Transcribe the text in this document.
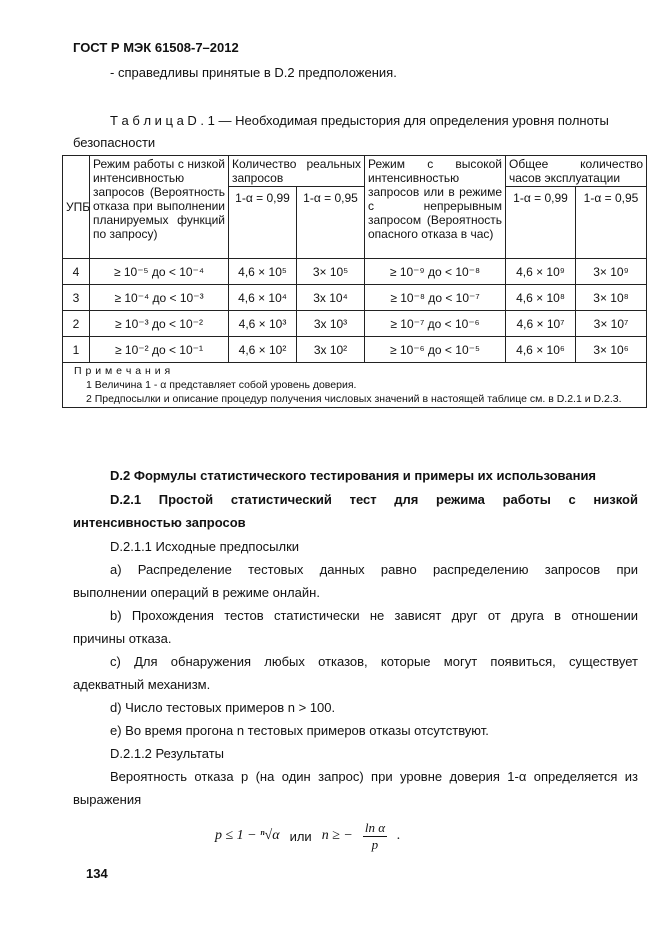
ГОСТ Р МЭК 61508-7–2012
- справедливы принятые в D.2 предположения.
Т а б л и ц а D . 1 — Необходимая предыстория для определения уровня полноты
безопасности
УПБ	Режим работы с низкой интенсивностью запросов (Вероятность отказа при выполнении планируемых функций по запросу)	Количество реальных запросов		Режим с высокой интенсивностью запросов или в режиме с непрерывным запросом (Вероятность опасного отказа в час)	Общее количество часов эксплуатации	
		1-α = 0,99	1-α = 0,95		1-α = 0,99	1-α = 0,95
4	≥ 10⁻⁵ до < 10⁻⁴	4,6 × 10⁵	3× 10⁵	≥ 10⁻⁹ до < 10⁻⁸	4,6 × 10⁹	3× 10⁹
3	≥ 10⁻⁴ до < 10⁻³	4,6 × 10⁴	3х 10⁴	≥ 10⁻⁸ до < 10⁻⁷	4,6 × 10⁸	3× 10⁸
2	≥ 10⁻³ до < 10⁻²	4,6 × 10³	3х 10³	≥ 10⁻⁷ до < 10⁻⁶	4,6 × 10⁷	3× 10⁷
1	≥ 10⁻² до < 10⁻¹	4,6 × 10²	3х 10²	≥ 10⁻⁶ до < 10⁻⁵	4,6 × 10⁶	3× 10⁶

П р и м е ч а н и я
1 Величина 1 - α представляет собой уровень доверия.
2 Предпосылки и описание процедур получения числовых значений в настоящей таблице см. в D.2.1 и D.2.3.						
D.2 Формулы статистического тестирования и примеры их использования
D.2.1 Простой статистический тест для режима работы с низкой
интенсивностью запросов
D.2.1.1 Исходные предпосылки
а) Распределение тестовых данных равно распределению запросов при
выполнении операций в режиме онлайн.
b) Прохождения тестов статистически не зависят друг от друга в отношении
причины отказа.
с) Для обнаружения любых отказов, которые могут появиться, существует
адекватный механизм.
d) Число тестовых примеров n > 100.
е) Во время прогона n тестовых примеров отказы отсутствуют.
D.2.1.2 Результаты
Вероятность отказа p (на один запрос) при уровне доверия 1-α определяется из
выражения
p ≤ 1 − ⁿ√α или n ≥ − $\frac{\text{ln α}}{p}$ .
134
